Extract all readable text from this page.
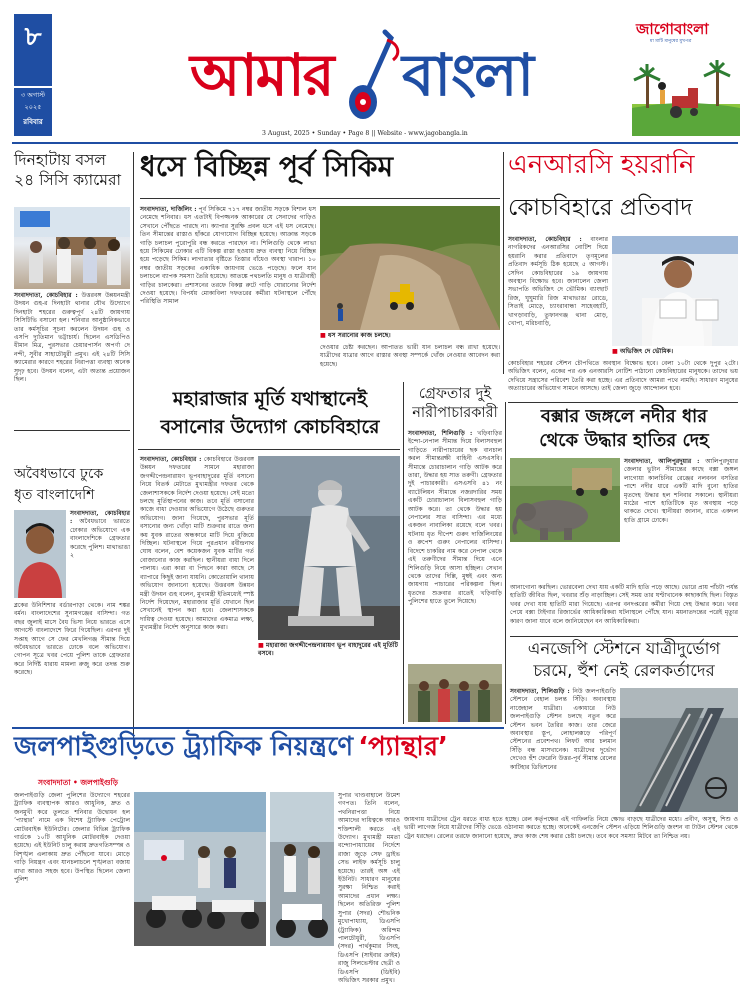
৮
৩ অগাস্ট
২০২৫
রবিবার
আমার বাংলা
3 August, 2025 • Sunday • Page 8 || Website - www.jagobangla.in
জাগোবাংলা
মা মাটি মানুষের মুখপত্র
দিনহাটায় বসল
২৪ সিসি ক্যামেরা
সংবাদদাতা, কোচবিহার : উত্তরবঙ্গ উন্নয়নমন্ত্রী উদয়ন গুহ-র দিনহাটা থানার যৌথ উদ্যোগে দিনহাটা শহরের গুরুত্বপূর্ণ ২৪টি জায়গায় সিসিটিভি বসানো হল। শনিবার আনুষ্ঠানিকভাবে তার কর্মসূচির সূচনা করলেন উদয়ন গুহ ও এসপি দ্যুতিমান ভট্টাচার্য। ছিলেন এসডিপিও ধীমান মিত্র, পুরসভার চেয়ারপার্সন অপর্ণা দে নন্দী, সুবীর সাহাচৌধুরী প্রমুখ। এই ২৪টি সিসি ক্যামেরার কারণে শহরের নিরাপত্তা ব্যবস্থা অনেক সুদৃঢ় হবে। উদয়ন বলেন, এটা অত্যন্ত প্রয়োজন ছিল।
অবৈধভাবে ঢুকে
ধৃত বাংলাদেশি
সংবাদদাতা, কোচবিহার : অবৈধভাবে ভারতে ঢোকার অভিযোগে এক বাংলাদেশিকে গ্রেফতার করেছে পুলিশ। মাথাভাঙা ২
ব্লকের উনিশিশার বর্ডারপাড়া থেকে। নাম শঙ্কর বর্মন। বাংলাদেশের সুনামগঞ্জের বাসিন্দা। গত বছর জুলাই মাসে বৈধ ভিসা নিয়ে ভারতে এসে আগস্টে বাংলাদেশে ফিরে গিয়েছিল। এরপর দুই সপ্তাহ আগে সে ফের মেখলিগঞ্জ সীমান্ত দিয়ে অবৈধভাবে ভারতে ঢোকে বলে অভিযোগ। গোপন সূত্রে খবর পেয়ে পুলিশ তাকে গ্রেফতার করে নির্দিষ্ট ধারায় মামলা রুজু করে তদন্ত শুরু করেছে।
ধসে বিচ্ছিন্ন পূর্ব সিকিম
সংবাদদাতা, দার্জিলিং : পূর্ব সিকিমে ৭১৭ নম্বর জাতীয় সড়কে বিশাল ধস নেমেছে শনিবার। ধস এতটাই বিপজ্জনক আকারের যে সেনাদের গাড়িও সেখানে পৌঁছতে পারছে না। ক্যাপার সুরক্ষি প্রবল ধসে এই ধস নেমেছে। তিন সীমান্তের রাস্তাও হাঁকরে যোগাযোগ বিচ্ছিন্ন হয়েছে। আক্রান্ত সড়কে গাড়ি চলাচল পুরোপুরি বন্ধ করতে পারছেন না। শিলিগুড়ি থেকে লাভা হয়ে সিকিমের ঢোকার এটি বিকল্প রাস্তা হওয়ায় দ্রুত ব্যবস্থা নিয়ে বিচ্ছিন্ন হয়ে পড়েছে সিকিম। লাগাতার বৃষ্টিতে তিস্তার বাঁধেও অবস্থা খারাপ। ১০ নম্বর জাতীয় সড়কের একাধিক জায়গায় ভেঙে পড়েছে। ফলে যান চলাচলে ব্যাপক সমস্যা তৈরি হয়েছে। আতঙ্কে পথচলতি মানুষ ও যাত্রীবাহী গাড়ির চালকেরা। প্রশাসনের তরফে বিকল্প রুটে গাড়ি ঘোরানোর নির্দেশ দেওয়া হয়েছে। বিপর্যয় মোকাবিলা দফতরের কর্মীরা ঘটনাস্থলে পৌঁছে পরিস্থিতি সামাল
■ ধস সরানোর কাজ চলছে।
দেওয়ার চেষ্টা করছেন। আপাতত ভারী যান চলাচল বন্ধ রাখা হয়েছে। যাত্রীদের যাত্রার আগে রাস্তার অবস্থা সম্পর্কে খোঁজ নেওয়ার আবেদন করা হয়েছে।
এনআরসি হয়রানি
কোচবিহারে প্রতিবাদ
সংবাদদাতা, কোচবিহার : বাংলার নাগরিকদের এনআরসির নোটিশ দিয়ে হয়রানি করার প্রতিবাদে তৃণমূলের প্রতিবাদ কর্মসূচি ঠিক হয়েছে ৫ আগস্ট। সেদিন কোচবিহারের ১৯ জায়গায় অবস্থান বিক্ষোভ হবে। জানালেন জেলা সভাপতি অভিজিৎ দে ভৌমিক। ব্যাংছাট রিজ, ঘুঘুমারি রিজ মাথাভাঙা রোডে, সিতাই মোড়ে, চ্যাংরাবান্ধা সাহেবহাটি, খাগড়াবাড়ি, তুফানগঞ্জ থানা মোড়, খোপা, মরিচবাড়ি,
■ অভিজিৎ দে ভৌমিক।
কোচবিহার শহরের স্টেশন চৌপথিতে অবস্থান বিক্ষোভ হবে। বেলা ১০টা থেকে দুপুর ২টো। অভিজিৎ বলেন, একের পর এক এনআরসি নোটিশ পাঠানো কোচবিহারের মানুষকে। তাদের ভয় দেখিয়ে সন্ত্রাসের পরিবেশ তৈরি করা হচ্ছে। এর প্রতিবাদে আমরা পথে নামছি। সাধারণ মানুষের অত্যাচারের অভিযোগ সামনে আসছে। তাই জেলা জুড়ে আন্দোলন হবে।
মহারাজার মূর্তি যথাস্থানেই
বসানোর উদ্যোগ কোচবিহারে
সংবাদদাতা, কোচবিহার : কোচবিহারে উত্তরবঙ্গ উন্নয়ন দফতরের সামনে মহারাজা জগদ্দীপেন্দ্রনারায়ণ ভূপবাহাদুরের মূর্তি বসানো নিয়ে বিতর্ক মেটাতে মুখ্যমন্ত্রীর দফতর থেকে জেলাশাসককে নির্দেশ দেওয়া হয়েছে। সেই মতো চলছে মূর্তিস্থাপনের কাজ। তবে মূর্তি বসানোর কাজে বাধা দেওয়ার অভিযোগে উঠেছে গুরুতর অভিযোগ। জানা গিয়েছে, পুরসভার মূর্তি বসানোর জন্য খোঁড়া মাটি শুক্রবার রাতে জনা কয় যুবক রাতের অন্ধকারে মাটি দিয়ে বুজিয়ে দিচ্ছিল। ঘটনাস্থলে গিয়ে পুরপ্রধান রবীন্দ্রনাথ ঘোষ বলেন, বেশ কয়েকজন যুবক মাটির গর্ত বোজানোর কাজ করছিল। স্থানীয়রা বাধা দিলে পালায়। এরা কারা বা পিছনে কারা আছে সে ব্যাপারে কিছুই জানা যায়নি। কোতোয়ালি থানায় অভিযোগ জানানো হয়েছে। উত্তরবঙ্গ উন্নয়ন মন্ত্রী উদয়ন গুহ বলেন, মুখ্যমন্ত্রী ইতিমধ্যেই স্পষ্ট নির্দেশ দিয়েছেন, মহারাজার মূর্তি যেখানে ছিল সেখানেই স্থাপন করা হবে। জেলাশাসককে দায়িত্ব দেওয়া হয়েছে। আমাদের একমাত্র লক্ষ্য, মুখ্যমন্ত্রীর নির্দেশ অনুসারে কাজ করা।
■ মহারাজা জগদ্দীপেন্দ্রনারায়ণ ভূপ বাহাদুরের এই মূর্তিটি বসবে।
গ্রেফতার দুই
নারীপাচারকারী
সংবাদদাতা, শিলিগুড়ি : খড়িবাড়ির ইন্দো-নেপাল সীমান্ত দিয়ে বিলাসবহুল গাড়িতে নারীপাচারের ছক বানচাল করল সীমান্তরক্ষী বাহিনী এসএসবি। সীমান্তে চোরাচালান গাড়ি আটক করে তারা, উদ্ধার হয় সাত তরুণী। গ্রেফতার দুই পাচারকারী। এসএসবি ৪১ নং ব্যাটেলিয়ন সীমান্তে নজরদারির সময় একটি চোরাচালান বিলাসবহুল গাড়ি আটক করে। তা থেকে উদ্ধার হয় নেপালের সাত বাসিন্দা। এর মধ্যে একজন নাবালিকা রয়েছে বলে খবর। ঘটনায় ধৃত দীপেশ গুরুং দার্জিলিংয়ের ও রুপেশ গুরুং নেপালের বাসিন্দা। বিদেশে চাকরির নাম করে নেপাল থেকে এই তরুণীদের সীমান্ত দিয়ে এনে শিলিগুড়ি নিয়ে আসা হচ্ছিল। সেখান থেকে তাদের দিল্লি, মুম্বই এবং অন্য জায়গায় পাচারের পরিকল্পনা ছিল। ধৃতদের শুক্রবার রাতেই খড়িবাড়ি পুলিশের হাতে তুলে দিয়েছে।
বক্সার জঙ্গলে নদীর ধার
থেকে উদ্ধার হাতির দেহ
সংবাদদাতা, আলিপুরদুয়ার : আলিপুরদুয়ার জেলার ভুটান সীমান্তের কাছে বক্সা জঙ্গল লাগোয়া কালচিনির রেঞ্জের নলবনন বসতির পাশে নদীর ধারে একটি মাদি বুনো হাতির মৃতদেহ উদ্ধার হল শনিবার সকালে। স্থানীয়রা মাঠের পাশে হাতিটিকে মৃত অবস্থায় পড়ে থাকতে দেখে। স্থানীয়রা জানান, রাতে একদল হাতি গ্রামে ঢোকে।
আনাগোনা করছিল। ভোরবেলা দেখা যায় একটি মাদি হাতি পড়ে আছে। ভোরে প্রায় পাঁচটা পর্যন্ত হাতিটি জীবিত ছিল, খবরার শুঁড় নাড়াচ্ছিল। সেই সময় তার ঘণ্টাখানেক কাছাকাছি ছিল। বিস্তৃত খবর দেখা যায় হাতিটি মারা গিয়েছে। এরপর বনদপ্তরের কর্মীরা গিয়ে দেহ উদ্ধার করে। খবর পেয়ে বক্সা টাইগার রিজার্ভের আধিকারিকরা ঘটনাস্থলে পৌঁছে যান। ময়নাতদন্তের পরেই মৃত্যুর কারণ জানা যাবে বলে জানিয়েছেন বন আধিকারিকরা।
এনজেপি স্টেশনে যাত্রীদুর্ভোগ
চরমে, হুঁশ নেই রেলকর্তাদের
সংবাদদাতা, শিলিগুড়ি : নিউ জলপাইগুড়ি স্টেশনে বেহাল চলন্ত সিঁড়ি। অব্যবস্থায় নাজেহাল যাত্রীরা। একাধারে নিউ জলপাইগুড়ি স্টেশন চলছে নতুন করে স্টেশন ভবন তৈরির কাজ। তার জেরে অব্যবস্থার স্তূপ, লোহালক্কড়ে পরিপূর্ণ স্টেশনের প্রবেশপথ। লিফট আর চলমান সিঁড়ি বন্ধ মাসখানেক। যাত্রীদের দুর্ভোগ দেখেও হুঁশ ফেরেনি উত্তর-পূর্ব সীমান্ত রেলের কাটিহার ডিভিশনের
জায়গায় যাত্রীদের ট্রেন ধরতে বাধ্য হতে হচ্ছে। রেল কর্তৃপক্ষের এই গাফিলতি নিয়ে ক্ষোভ বাড়ছে যাত্রীদের মধ্যে। প্রবীণ, অসুস্থ, শিশু ও ভারী লাগেজ নিয়ে যাত্রীদের সিঁড়ি ভেঙে ওঠানামা করতে হচ্ছে। অনেকেই এনজেপি স্টেশন এড়িয়ে শিলিগুড়ি জংশন বা টাউন স্টেশন থেকে ট্রেন ধরছেন। রেলের তরফে জানানো হয়েছে, দ্রুত কাজ শেষ করার চেষ্টা চলছে। তবে কবে সমস্যা মিটবে তা নিশ্চিত নয়।
জলপাইগুড়িতে ট্র্যাফিক নিয়ন্ত্রণে ‘প্যান্থার’
সংবাদদাতা • জলপাইগুড়ি
জলপাইগুড়ি জেলা পুলিশের উদ্যোগে শহরের ট্র্যাফিক ব্যবস্থাপক আরও আধুনিক, দ্রুত ও জনমুখী করে তুলতে শনিবার উদ্বোধন হল ‘প্যান্থার’ নামে এক বিশেষ ট্র্যাফিক পেট্রোল মোটরবাইক ইউনিটের। জেলার বিভিন্ন ট্র্যাফিক গার্ডকে ১০টি আধুনিক মোটরবাইক দেওয়া হয়েছে। এই ইউনিট চালু করায় দ্রুতগতিসম্পন্ন ও বিশৃঙ্খল এলাকায় দ্রুত পৌঁছনো যাবে। মোড়ে গাড়ি নিয়ন্ত্রণ এবং যানচলাচলে শৃঙ্খলতা বজায় রাখা আরও সহজ হবে। উপস্থিত ছিলেন জেলা পুলিশ
সুপার খাণ্ডবাহালে উমেশ গণপত। তিনি বলেন, পথনিরাপত্তা নিয়ে আমাদের দায়িত্বকে আরও শক্তিশালী করতে এই উদ্যোগ। মুখ্যমন্ত্রী মমতা বন্দ্যোপাধ্যায়ের নির্দেশে রাজ্য জুড়ে সেফ ড্রাইভ সেভ লাইফ কর্মসূচি চালু হয়েছে। তারই অঙ্গ এই ইউনিট। সাধারণ মানুষের সুরক্ষা নিশ্চিত করাই আমাদের প্রধান লক্ষ্য। ছিলেন অতিরিক্ত পুলিশ সুপার (সদর) শৌভনিক মুখোপাধ্যায়, ডিএসপি (ট্র্যাফিক) অরিন্দম পালচৌধুরী, ডিএসপি (সদর) পার্থকুমার সিংহ, ডিএসপি (সাইবার ক্রাইম) রাজু সিলভেস্টার ছেত্রী ও ডিএসপি (ডিইবি) অভিজিৎ সরকার প্রমুখ।
